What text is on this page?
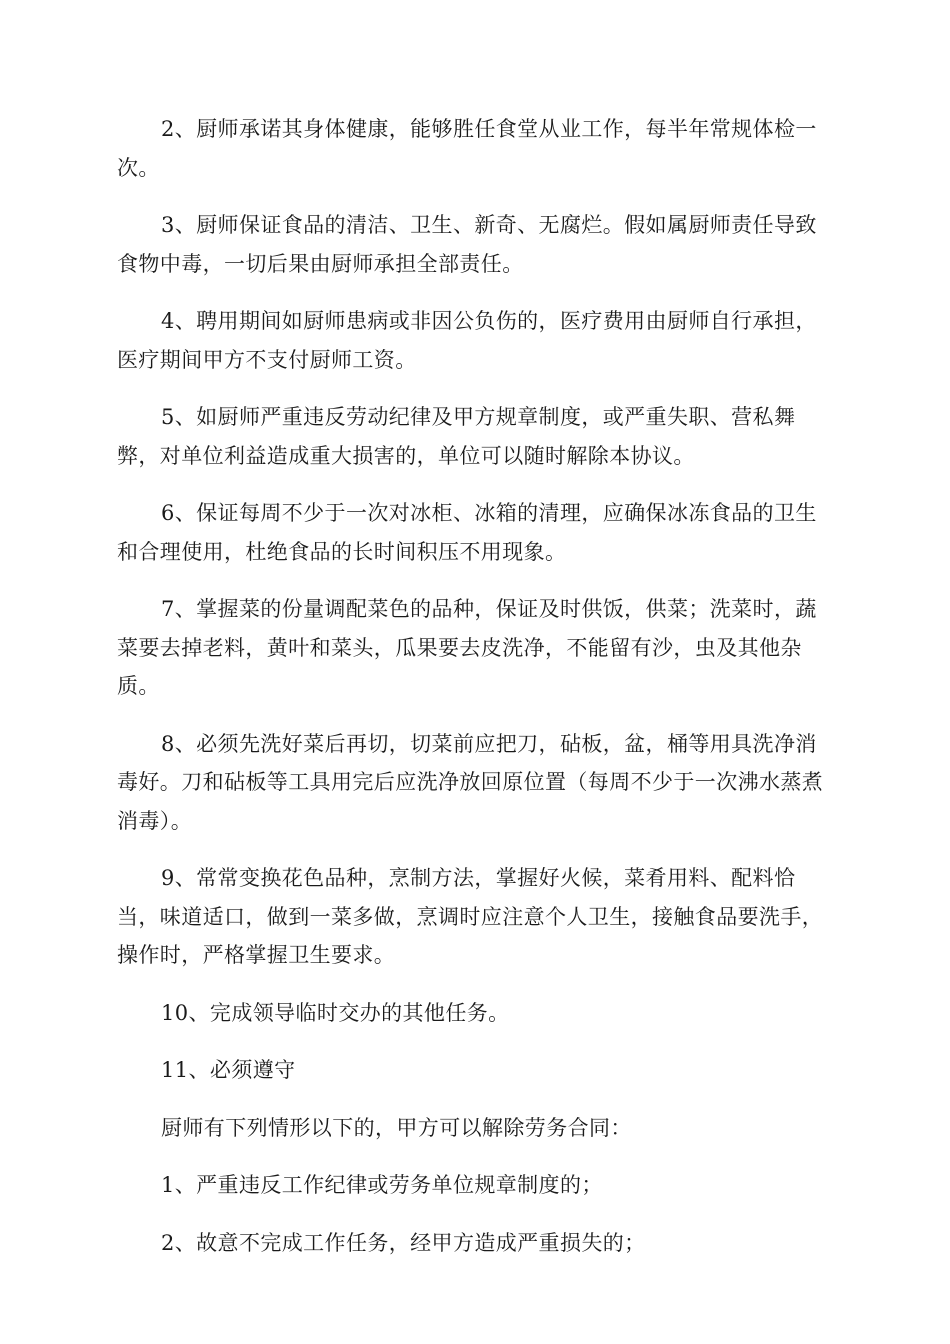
2、厨师承诺其身体健康，能够胜任食堂从业工作，每半年常规体检一次。

3、厨师保证食品的清洁、卫生、新奇、无腐烂。假如属厨师责任导致食物中毒，一切后果由厨师承担全部责任。

4、聘用期间如厨师患病或非因公负伤的，医疗费用由厨师自行承担，医疗期间甲方不支付厨师工资。

5、如厨师严重违反劳动纪律及甲方规章制度，或严重失职、营私舞弊，对单位利益造成重大损害的，单位可以随时解除本协议。

6、保证每周不少于一次对冰柜、冰箱的清理，应确保冰冻食品的卫生和合理使用，杜绝食品的长时间积压不用现象。

7、掌握菜的份量调配菜色的品种，保证及时供饭，供菜；洗菜时，蔬菜要去掉老料，黄叶和菜头，瓜果要去皮洗净，不能留有沙，虫及其他杂质。

8、必须先洗好菜后再切，切菜前应把刀，砧板，盆，桶等用具洗净消毒好。刀和砧板等工具用完后应洗净放回原位置（每周不少于一次沸水蒸煮消毒）。

9、常常变换花色品种，烹制方法，掌握好火候，菜肴用料、配料恰当，味道适口，做到一菜多做，烹调时应注意个人卫生，接触食品要洗手，操作时，严格掌握卫生要求。

10、完成领导临时交办的其他任务。

11、必须遵守

厨师有下列情形以下的，甲方可以解除劳务合同：

1、严重违反工作纪律或劳务单位规章制度的；

2、故意不完成工作任务，经甲方造成严重损失的；
